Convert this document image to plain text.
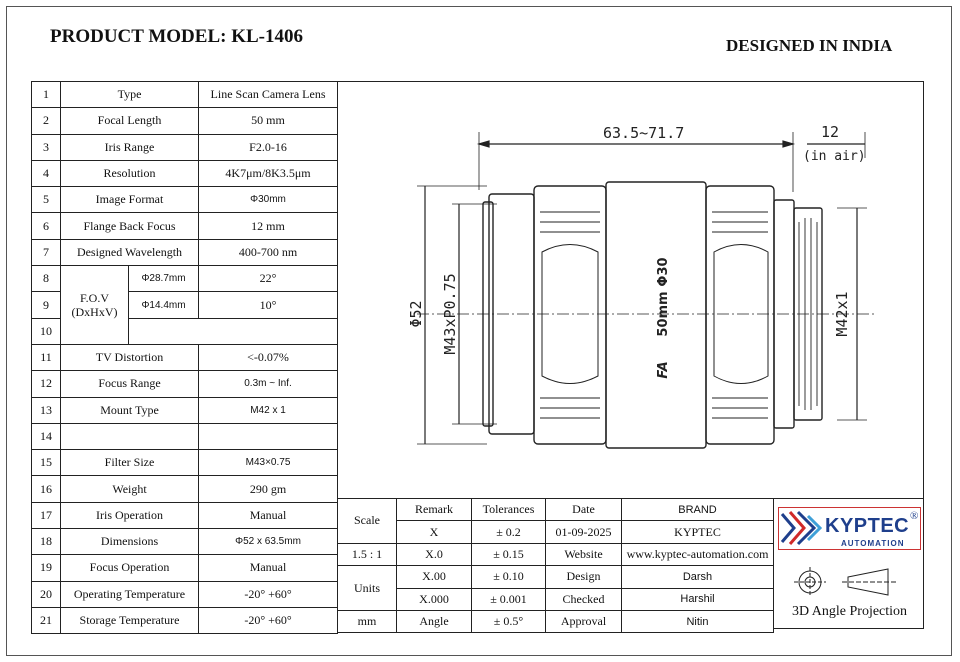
PRODUCT MODEL: KL-1406	DESIGNED IN INDIA
1	Type		Line Scan Camera Lens
2	Focal Length		50 mm
3	Iris Range		F2.0-16
4	Resolution		4K7μm/8K3.5μm
5	Image Format		Φ30mm
6	Flange Back Focus		12 mm
7	Designed Wavelength		400-700 nm
8	F.O.V
(DxHxV)	Φ28.7mm	22°
9		Φ14.4mm	10°
10			
11	TV Distortion		<-0.07%
12	Focus Range		0.3m ~ Inf.
13	Mount Type		M42 x 1
14			
15	Filter Size		M43×0.75
16	Weight		290 gm
17	Iris Operation		Manual
18	Dimensions		Φ52 x 63.5mm
19	Focus Operation		Manual
20	Operating Temperature		-20° +60°
21	Storage Temperature		-20° +60°
63.5~71.7	12
(in air)
Φ52 M43xP0.75	M42x1
Φ30
50mm
FA
Scale	Remark	Tolerances	Date	BRAND
	X	± 0.2	01-09-2025	KYPTEC
1.5 : 1	X.0	± 0.15	Website	www.kyptec-automation.com
Units	X.00	± 0.10	Design	Darsh
	X.000	± 0.001	Checked	Harshil
mm	Angle	± 0.5°	Approval	Nitin
KYPTEC
AUTOMATION
®
3D Angle Projection
